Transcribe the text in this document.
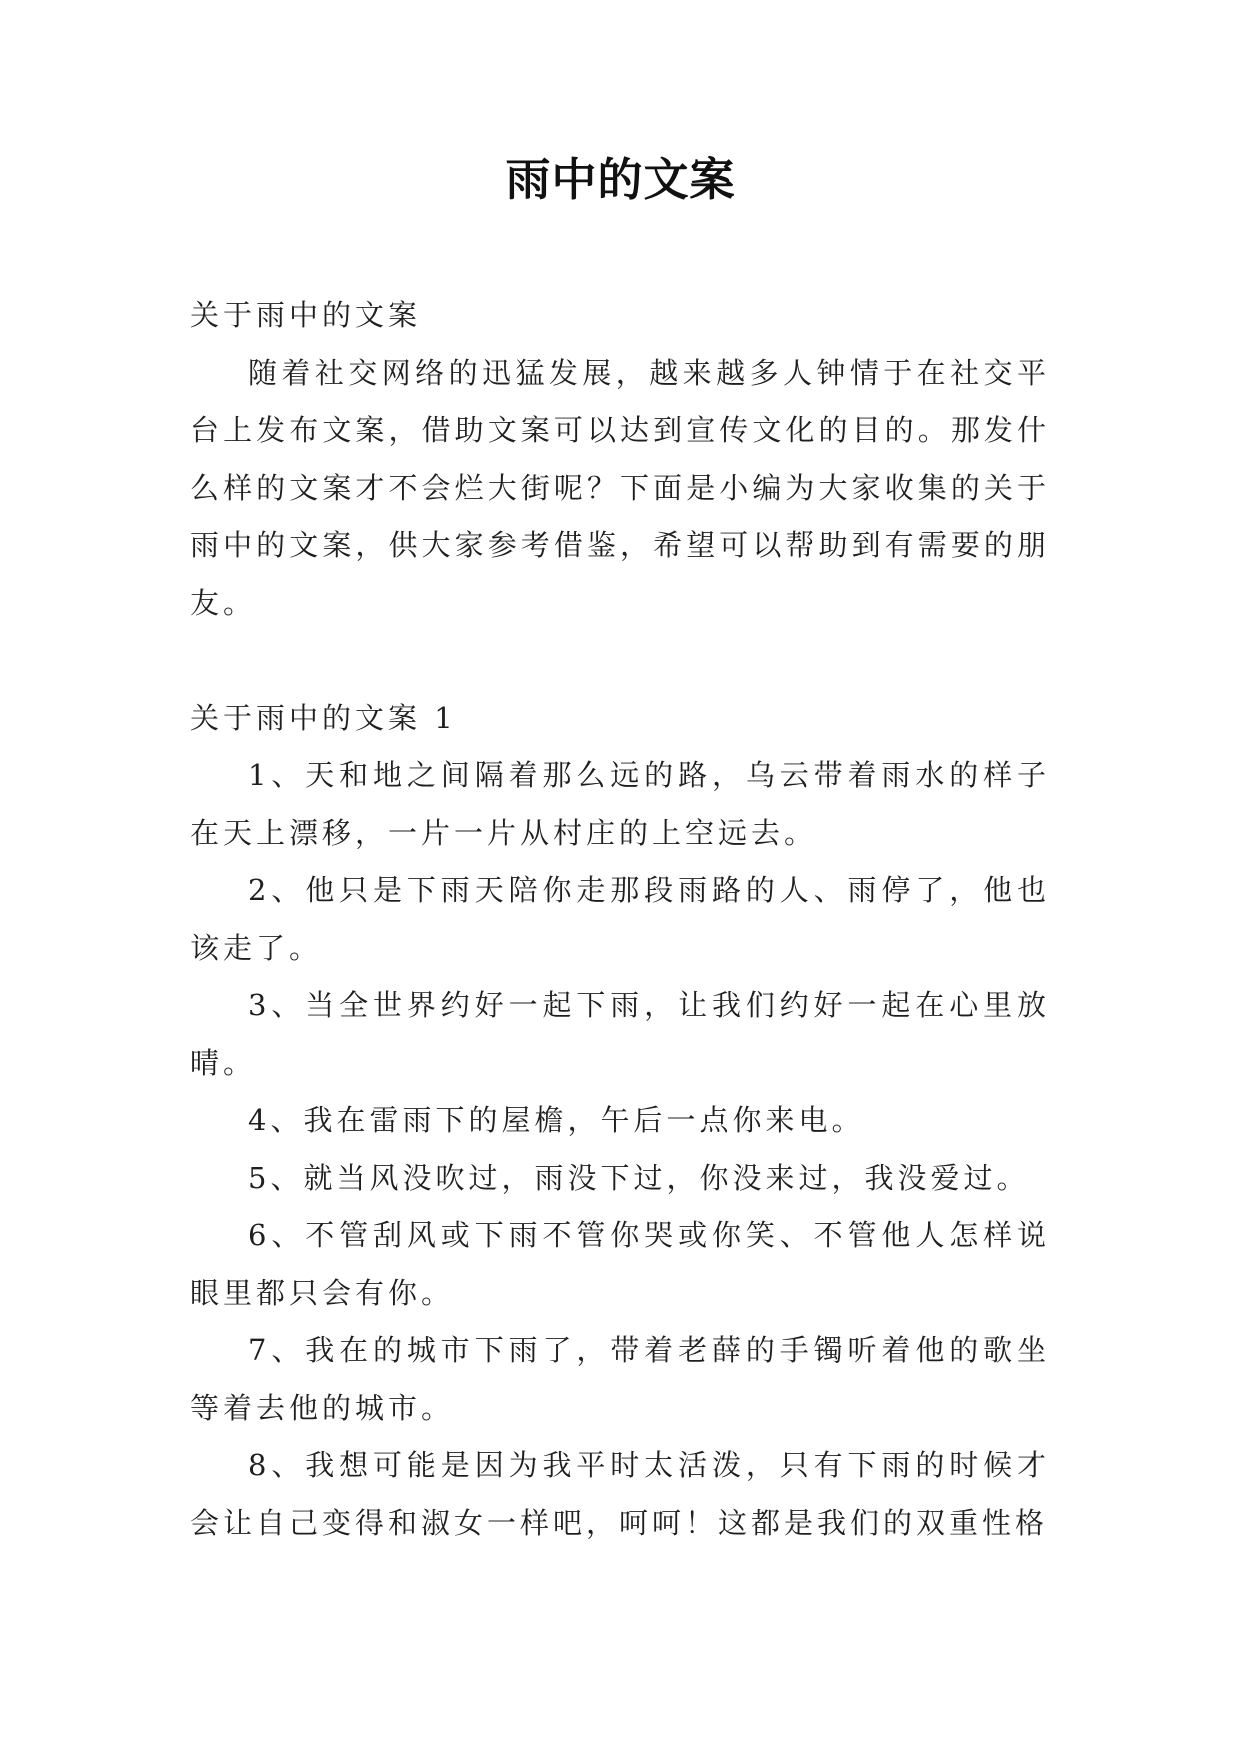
雨中的文案

关于雨中的文案

随着社交网络的迅猛发展，越来越多人钟情于在社交平台上发布文案，借助文案可以达到宣传文化的目的。那发什么样的文案才不会烂大街呢？下面是小编为大家收集的关于雨中的文案，供大家参考借鉴，希望可以帮助到有需要的朋友。

关于雨中的文案 1

1、天和地之间隔着那么远的路，乌云带着雨水的样子在天上漂移，一片一片从村庄的上空远去。

2、他只是下雨天陪你走那段雨路的人、雨停了，他也该走了。

3、当全世界约好一起下雨，让我们约好一起在心里放晴。

4、我在雷雨下的屋檐，午后一点你来电。

5、就当风没吹过，雨没下过，你没来过，我没爱过。

6、不管刮风或下雨不管你哭或你笑、不管他人怎样说眼里都只会有你。

7、我在的城市下雨了，带着老薛的手镯听着他的歌坐等着去他的城市。

8、我想可能是因为我平时太活泼，只有下雨的时候才会让自己变得和淑女一样吧，呵呵！这都是我们的双重性格
